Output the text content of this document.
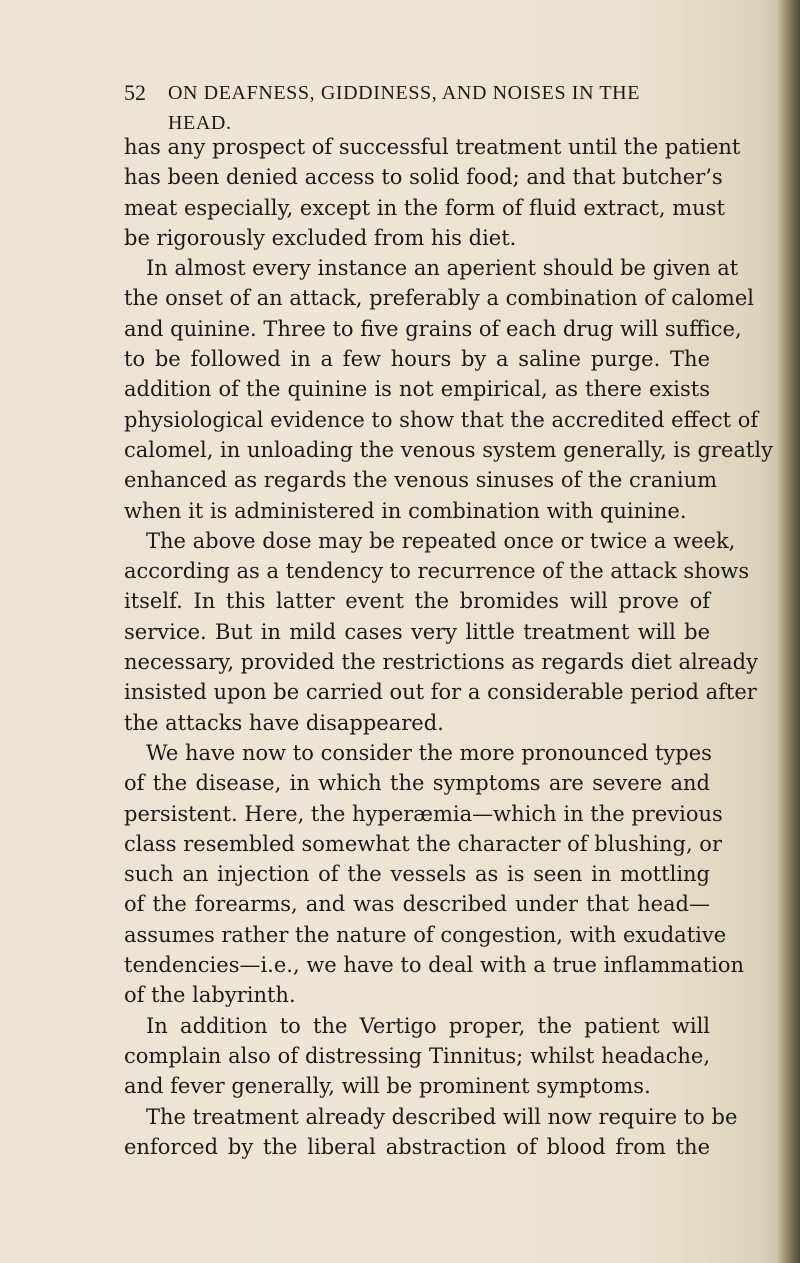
52 ON DEAFNESS, GIDDINESS, AND NOISES IN THE HEAD.
has any prospect of successful treatment until the patient
has been denied access to solid food; and that butcher’s
meat especially, except in the form of fluid extract, must
be rigorously excluded from his diet.
In almost every instance an aperient should be given at
the onset of an attack, preferably a combination of calomel
and quinine. Three to five grains of each drug will suffice,
to be followed in a few hours by a saline purge. The
addition of the quinine is not empirical, as there exists
physiological evidence to show that the accredited effect of
calomel, in unloading the venous system generally, is greatly
enhanced as regards the venous sinuses of the cranium
when it is administered in combination with quinine.
The above dose may be repeated once or twice a week,
according as a tendency to recurrence of the attack shows
itself. In this latter event the bromides will prove of
service. But in mild cases very little treatment will be
necessary, provided the restrictions as regards diet already
insisted upon be carried out for a considerable period after
the attacks have disappeared.
We have now to consider the more pronounced types
of the disease, in which the symptoms are severe and
persistent. Here, the hyperæmia—which in the previous
class resembled somewhat the character of blushing, or
such an injection of the vessels as is seen in mottling
of the forearms, and was described under that head—
assumes rather the nature of congestion, with exudative
tendencies—i.e., we have to deal with a true inflammation
of the labyrinth.
In addition to the Vertigo proper, the patient will
complain also of distressing Tinnitus; whilst headache,
and fever generally, will be prominent symptoms.
The treatment already described will now require to be
enforced by the liberal abstraction of blood from the
